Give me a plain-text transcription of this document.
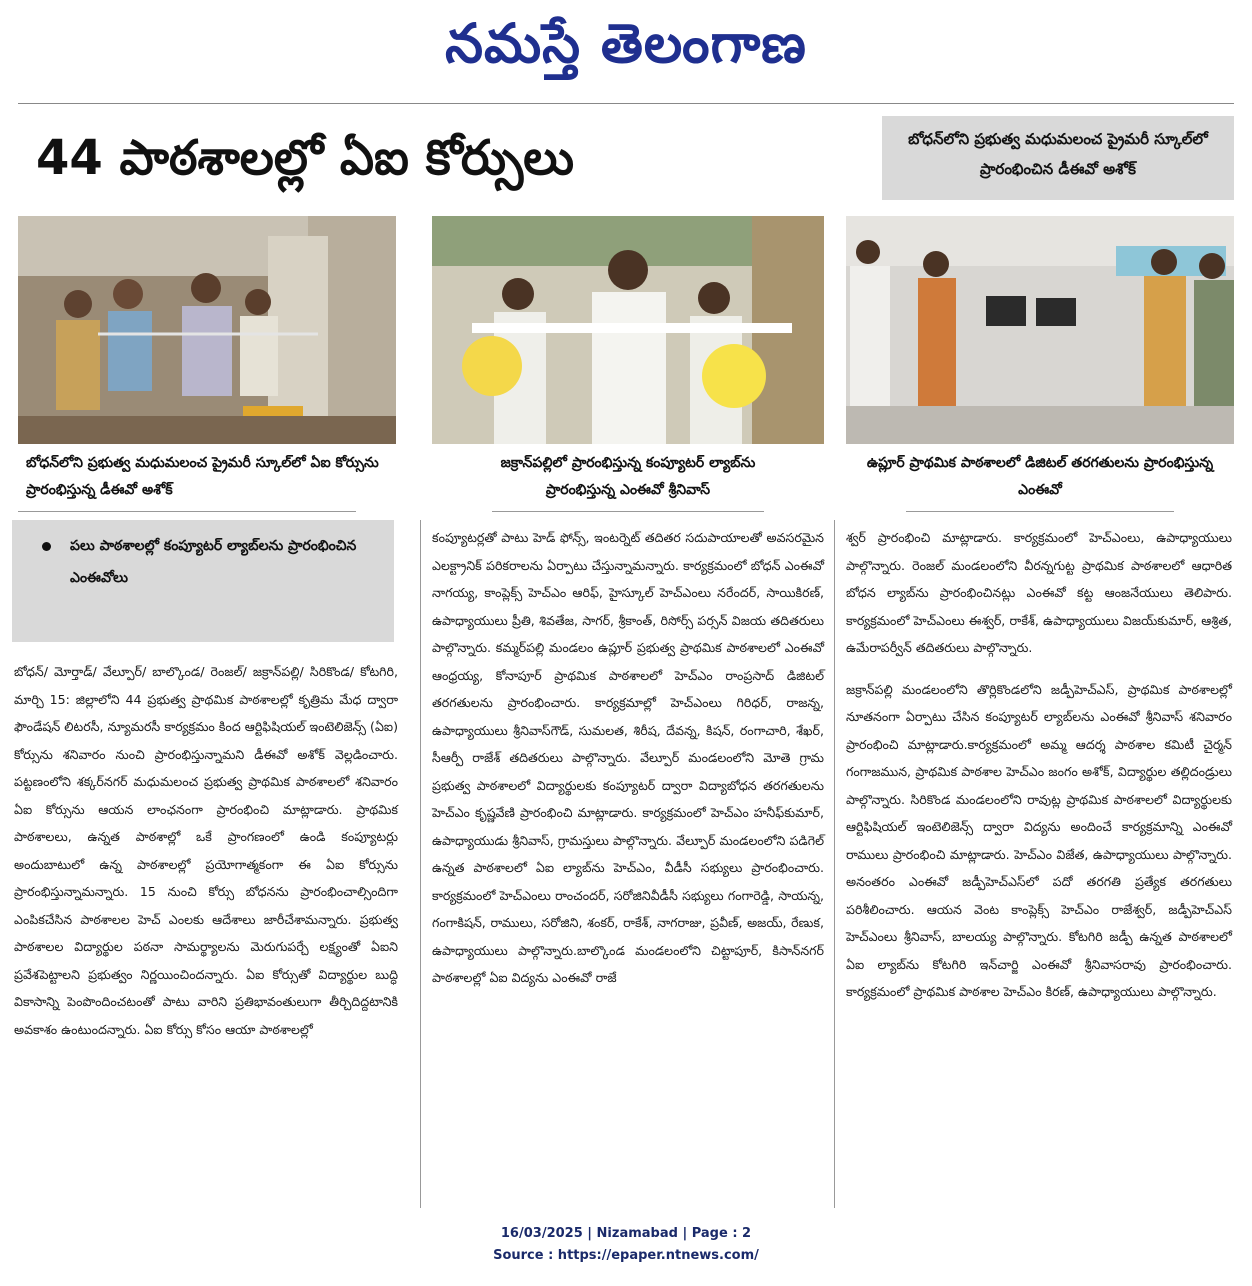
నమస్తే తెలంగాణ
44 పాఠశాలల్లో ఏఐ కోర్సులు	బోధన్‌లోని ప్రభుత్వ మధుమలంచ ప్రైమరీ స్కూల్‌లో ప్రారంభించిన డీఈవో అశోక్
బోధన్‌లోని ప్రభుత్వ మధుమలంచ ప్రైమరీ స్కూల్‌లో ఏఐ కోర్సును ప్రారంభిస్తున్న డీఈవో అశోక్
జక్రాన్‌పల్లిలో ప్రారంభిస్తున్న కంప్యూటర్ ల్యాబ్‌ను ప్రారంభిస్తున్న ఎంఈవో శ్రీనివాస్
ఉప్లూర్ ప్రాథమిక పాఠశాలలో డిజిటల్ తరగతులను ప్రారంభిస్తున్న ఎంఈవో
పలు పాఠశాలల్లో కంప్యూటర్ ల్యాబ్‌లను ప్రారంభించిన ఎంఈవోలు

బోధన్/ మోర్తాడ్/ వేల్పూర్/ బాల్కొండ/ రెంజల్/ జక్రాన్‌పల్లి/ సిరికొండ/ కోటగిరి, మార్చి 15: జిల్లాలోని 44 ప్రభుత్వ ప్రాథమిక పాఠశాలల్లో కృత్రిమ మేధ ద్వారా ఫౌండేషన్ లిటరసీ, న్యూమరసీ కార్యక్రమం కింద ఆర్టిఫిషియల్ ఇంటెలిజెన్స్ (ఏఐ) కోర్సును శనివారం నుంచి ప్రారంభిస్తున్నామని డీఈవో అశోక్ వెల్లడించారు. పట్టణంలోని శక్కర్‌నగర్ మధుమలంచ ప్రభుత్వ ప్రాథమిక పాఠశాలలో శనివారం ఏఐ కోర్సును ఆయన లాంఛనంగా ప్రారంభించి మాట్లాడారు. ప్రాథమిక పాఠశాలలు, ఉన్నత పాఠశాల్లో ఒకే ప్రాంగణంలో ఉండి కంప్యూటర్లు అందుబాటులో ఉన్న పాఠశాలల్లో ప్రయోగాత్మకంగా ఈ ఏఐ కోర్సును ప్రారంభిస్తున్నామన్నారు. 15 నుంచి కోర్సు బోధనను ప్రారంభించాల్సిందిగా ఎంపికచేసిన పాఠశాలల హెచ్ ఎంలకు ఆదేశాలు జారీచేశామన్నారు. ప్రభుత్వ పాఠశాలల విద్యార్థుల పఠనా సామర్థ్యాలను మెరుగుపర్చే లక్ష్యంతో ఏఐని ప్రవేశపెట్టాలని ప్రభుత్వం నిర్ణయించిందన్నారు. ఏఐ కోర్సుతో విద్యార్థుల బుద్ధి వికాసాన్ని పెంపొందించటంతో పాటు వారిని ప్రతిభావంతులుగా తీర్చిదిద్దటానికి అవకాశం ఉంటుందన్నారు. ఏఐ కోర్సు కోసం ఆయా పాఠశాలల్లో

కంప్యూటర్లతో పాటు హెడ్ ఫోన్స్, ఇంటర్నెట్ తదితర సదుపాయాలతో అవసరమైన ఎలక్ట్రానిక్ పరికరాలను ఏర్పాటు చేస్తున్నామన్నారు. కార్యక్రమంలో బోధన్ ఎంఈవో నాగయ్య, కాంప్లెక్స్ హెచ్ఎం ఆరిఫ్, హైస్కూల్ హెచ్ఎంలు నరేందర్, సాయికిరణ్, ఉపాధ్యాయులు ప్రీతి, శివతేజ, సాగర్, శ్రీకాంత్, రిసోర్స్ పర్సన్ విజయ తదితరులు పాల్గొన్నారు. కమ్మర్‌పల్లి మండలం ఉప్లూర్ ప్రభుత్వ ప్రాథమిక పాఠశాలలో ఎంఈవో ఆంధ్రయ్య, కోనాపూర్ ప్రాథమిక పాఠశాలలో హెచ్ఎం రాంప్రసాద్ డిజిటల్ తరగతులను ప్రారంభించారు. కార్యక్రమాల్లో హెచ్ఎంలు గిరిధర్, రాజన్న, ఉపాధ్యాయులు శ్రీనివాస్‌గౌడ్, సుమలత, శిరీష, దేవన్న, కిషన్, రంగాచారి, శేఖర్, సీఆర్పీ రాజేశ్ తదితరులు పాల్గొన్నారు. వేల్పూర్ మండలంలోని మోతె గ్రామ ప్రభుత్వ పాఠశాలలో విద్యార్థులకు కంప్యూటర్ ద్వారా విద్యాబోధన తరగతులను హెచ్ఎం కృష్ణవేణి ప్రారంభించి మాట్లాడారు. కార్యక్రమంలో హెచ్ఎం హనీఫ్‌కుమార్, ఉపాధ్యాయుడు శ్రీనివాస్, గ్రామస్తులు పాల్గొన్నారు. వేల్పూర్ మండలంలోని పడిగెల్ ఉన్నత పాఠశాలలో ఏఐ ల్యాబ్‌ను హెచ్ఎం, వీడీసీ సభ్యులు ప్రారంభించారు. కార్యక్రమంలో హెచ్ఎంలు రాంచందర్, సరోజినివీడీసీ సభ్యులు గంగారెడ్డి, సాయన్న, గంగాకిషన్, రాములు, సరోజిని, శంకర్, రాకేశ్, నాగరాజు, ప్రవీణ్, అజయ్, రేణుక, ఉపాధ్యాయులు పాల్గొన్నారు.బాల్కొండ మండలంలోని చిట్టాపూర్, కిసాన్‌నగర్ పాఠశాలల్లో ఏఐ విద్యను ఎంఈవో రాజే

శ్వర్ ప్రారంభించి మాట్లాడారు. కార్యక్రమంలో హెచ్ఎంలు, ఉపాధ్యాయులు పాల్గొన్నారు. రెంజల్ మండలంలోని వీరన్నగుట్ట ప్రాథమిక పాఠశాలలో ఆధారిత బోధన ల్యాబ్‌ను ప్రారంభించినట్లు ఎంఈవో కట్ట ఆంజనేయులు తెలిపారు. కార్యక్రమంలో హెచ్ఎంలు ఈశ్వర్, రాకేశ్, ఉపాధ్యాయులు విజయ్‌కుమార్, ఆశ్రిత, ఉమేరాపర్వీన్ తదితరులు పాల్గొన్నారు.

జక్రాన్‌పల్లి మండలంలోని తొర్లికొండలోని జడ్పీహెచ్ఎస్, ప్రాథమిక పాఠశాలల్లో నూతనంగా ఏర్పాటు చేసిన కంప్యూటర్ ల్యాబ్‌లను ఎంఈవో శ్రీనివాస్ శనివారం ప్రారంభించి మాట్లాడారు.కార్యక్రమంలో అమ్మ ఆదర్శ పాఠశాల కమిటీ చైర్మన్ గంగాజమున, ప్రాథమిక పాఠశాల హెచ్ఎం జంగం అశోక్, విద్యార్థుల తల్లిదండ్రులు పాల్గొన్నారు. సిరికొండ మండలంలోని రావుట్ల ప్రాథమిక పాఠశాలలో విద్యార్థులకు ఆర్టిఫిషియల్ ఇంటెలిజెన్స్ ద్వారా విద్యను అందించే కార్యక్రమాన్ని ఎంఈవో రాములు ప్రారంభించి మాట్లాడారు. హెచ్ఎం విజేత, ఉపాధ్యాయులు పాల్గొన్నారు. అనంతరం ఎంఈవో జడ్పీహెచ్ఎస్‌లో పదో తరగతి ప్రత్యేక తరగతులు పరిశీలించారు. ఆయన వెంట కాంప్లెక్స్ హెచ్ఎం రాజేశ్వర్, జడ్పీహెచ్ఎస్ హెచ్ఎంలు శ్రీనివాస్, బాలయ్య పాల్గొన్నారు. కోటగిరి జడ్పీ ఉన్నత పాఠశాలలో ఏఐ ల్యాబ్‌ను కోటగిరి ఇన్‌చార్జి ఎంఈవో శ్రీనివాసరావు ప్రారంభించారు. కార్యక్రమంలో ప్రాథమిక పాఠశాల హెచ్ఎం కిరణ్, ఉపాధ్యాయులు పాల్గొన్నారు.

16/03/2025 | Nizamabad | Page : 2
Source : https://epaper.ntnews.com/
